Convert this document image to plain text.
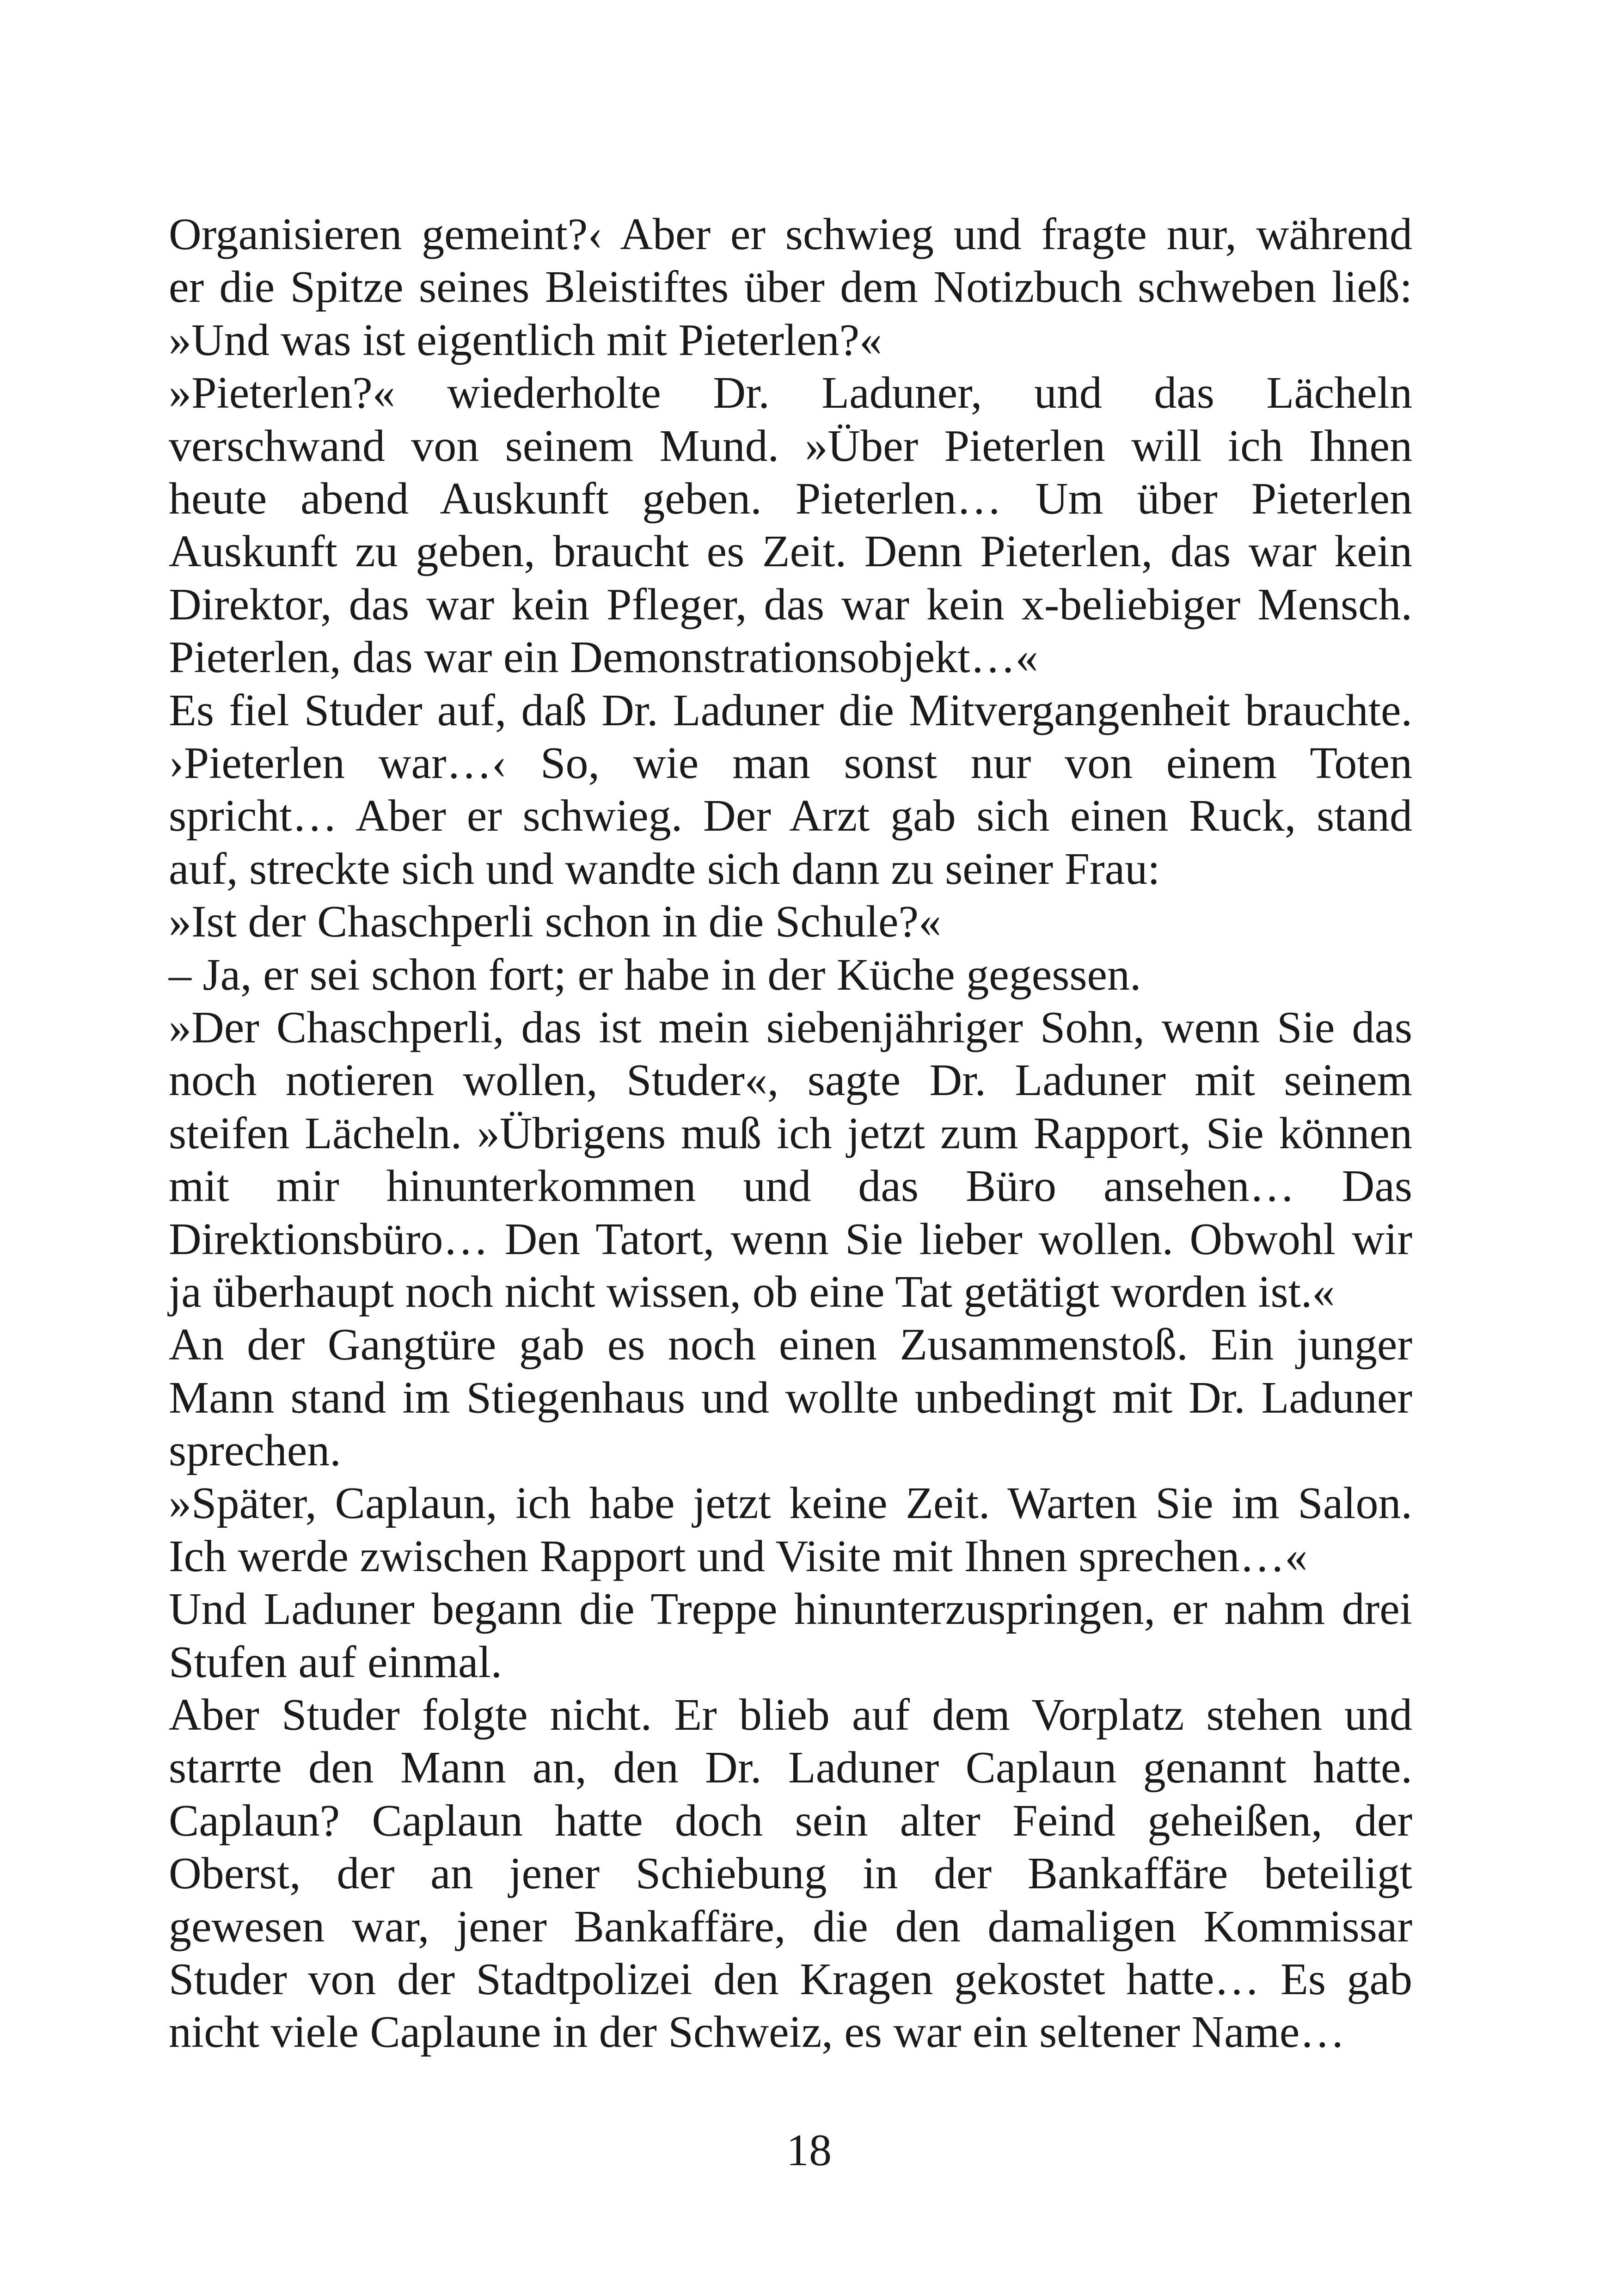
Organisieren gemeint?‹ Aber er schwieg und fragte nur, während
er die Spitze seines Bleistiftes über dem Notizbuch schweben ließ:
»Und was ist eigentlich mit Pieterlen?«
»Pieterlen?« wiederholte Dr. Laduner, und das Lächeln
verschwand von seinem Mund. »Über Pieterlen will ich Ihnen
heute abend Auskunft geben. Pieterlen… Um über Pieterlen
Auskunft zu geben, braucht es Zeit. Denn Pieterlen, das war kein
Direktor, das war kein Pfleger, das war kein x-beliebiger Mensch.
Pieterlen, das war ein Demonstrationsobjekt…«
Es fiel Studer auf, daß Dr. Laduner die Mitvergangenheit brauchte.
›Pieterlen war…‹ So, wie man sonst nur von einem Toten
spricht… Aber er schwieg. Der Arzt gab sich einen Ruck, stand
auf, streckte sich und wandte sich dann zu seiner Frau:
»Ist der Chaschperli schon in die Schule?«
– Ja, er sei schon fort; er habe in der Küche gegessen.
»Der Chaschperli, das ist mein siebenjähriger Sohn, wenn Sie das
noch notieren wollen, Studer«, sagte Dr. Laduner mit seinem
steifen Lächeln. »Übrigens muß ich jetzt zum Rapport, Sie können
mit mir hinunterkommen und das Büro ansehen… Das
Direktionsbüro… Den Tatort, wenn Sie lieber wollen. Obwohl wir
ja überhaupt noch nicht wissen, ob eine Tat getätigt worden ist.«
An der Gangtüre gab es noch einen Zusammenstoß. Ein junger
Mann stand im Stiegenhaus und wollte unbedingt mit Dr. Laduner
sprechen.
»Später, Caplaun, ich habe jetzt keine Zeit. Warten Sie im Salon.
Ich werde zwischen Rapport und Visite mit Ihnen sprechen…«
Und Laduner begann die Treppe hinunterzuspringen, er nahm drei
Stufen auf einmal.
Aber Studer folgte nicht. Er blieb auf dem Vorplatz stehen und
starrte den Mann an, den Dr. Laduner Caplaun genannt hatte.
Caplaun? Caplaun hatte doch sein alter Feind geheißen, der
Oberst, der an jener Schiebung in der Bankaffäre beteiligt
gewesen war, jener Bankaffäre, die den damaligen Kommissar
Studer von der Stadtpolizei den Kragen gekostet hatte… Es gab
nicht viele Caplaune in der Schweiz, es war ein seltener Name…
18
